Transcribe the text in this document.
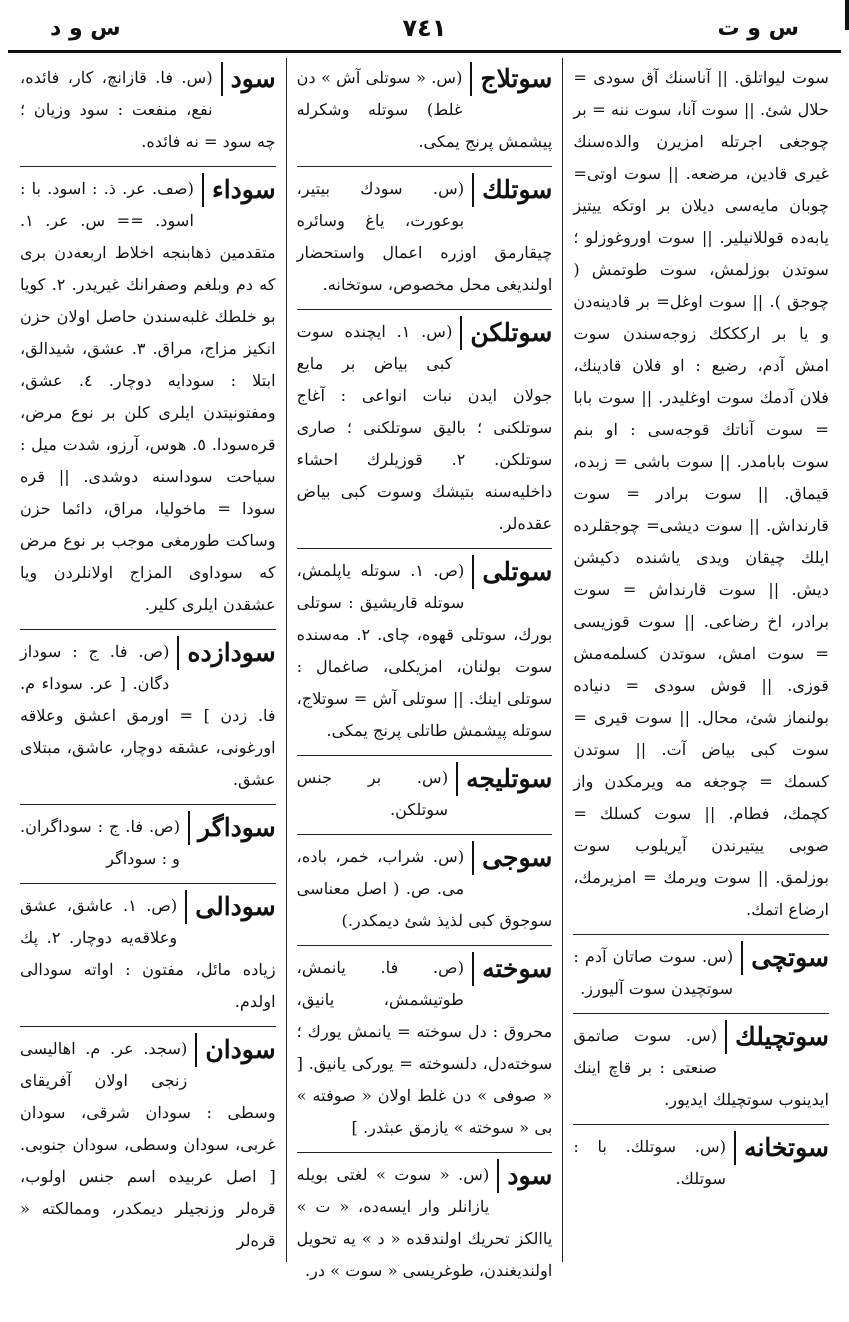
س و د	٧٤١	س و ت
سوت ليواتلق. || آناسنك آق سودى = حلال شئ. || سوت آنا، سوت ننه = بر چوجغى اجرتله امزيرن والدەسنك غيرى قادين، مرضعه. || سوت اوتى= چوبان مايەسى ديلان بر اوتكه ييتيز يابەدە قوللانيلير. || سوت اوروغوزلو ؛ سوتدن بوزلمش، سوت طوتمش ( چوجق ). || سوت اوغل= بر قادينەدن و يا بر اركككك زوجەسندن سوت امش آدم، رضيع : او فلان قادينك، فلان آدمك سوت اوغليدر. || سوت بابا = سوت آناتك قوجەسى : او بنم سوت بابامدر. || سوت باشى = زبدە، قيماق. || سوت برادر = سوت قارنداش. || سوت ديشى= چوجقلرده ايلك چيقان ويدى ياشندە دكيشن ديش. || سوت قارنداش = سوت برادر، اخ رضاعى. || سوت قوزيسى = سوت امش، سوتدن كسلمەمش قوزى. || قوش سودى = دنياده بولنماز شئ، محال. || سوت قيرى = سوت كبى بياض آت. || سوتدن كسمك = چوجغه مه ويرمكدن واز كچمك، فطام. || سوت كسلك = صوبى ييتيرندن آيريلوب سوت بوزلمق. || سوت ويرمك = امزيرمك، ارضاع اتمك.
سوتچى
(س. سوت صاتان آدم : سوتچيدن سوت آليورز.
سوتچيلك
(س. سوت صاتمق صنعتى : بر قاچ اينك ايدينوب سوتچيلك ايديور.
سوتخانه
(س. سوتلك. با : سوتلك.
سوتلاج
(س. « سوتلى آش » دن غلط) سوتله وشكرله پيشمش پرنج يمكى.
سوتلك
(س. سودك بيتير، بوعورت، ياغ وسائره چيقارمق اوزره اعمال واستحضار اولنديغى محل مخصوص، سوتخانه.
سوتلكن
(س. ١. ايچنده سوت كبى بياض بر مايع جولان ايدن نبات انواعى : آغاج سوتلكنى ؛ باليق سوتلكنى ؛ صارى سوتلكن. ٢. قوزيلرك احشاء داخليەسنە بتيشك وسوت كبى بياض عقدەلر.
سوتلى
(ص. ١. سوتله ياپلمش، سوتله قاريشيق : سوتلى بورك، سوتلى قهوه، چاى. ٢. مەسندە سوت بولنان، امزيكلى، صاغمال : سوتلى اينك. || سوتلى آش = سوتلاج، سوتله پيشمش طاتلى پرنج يمكى.
سوتليجه
(س. بر جنس سوتلكن.
سوجى
(س. شراب، خمر، باده، مى. ص. ( اصل معناسى سوجوق كبى لذيذ شئ ديمكدر.)
سوخته
(ص. فا. يانمش، طوتيشمش، يانيق، محروق : دل سوخته = يانمش يورك ؛ سوختەدل، دلسوخته = يوركى يانيق. [ « صوفى » دن غلط اولان « صوفته » بى « سوخته » يازمق عبثدر. ]
سود
(س. « سوت » لغتى بويله يازانلر وار ايسەده، « ت » ياالكز تحريك اولندقده « د » يه تحويل اولنديغندن، طوغريسى « سوت » در.
سود
(س. فا. قازانچ، كار، فائده، نفع، منفعت : سود وزيان ؛ چه سود = نه فائده.
سوداء
(صڡ. عر. ذ. : اسود. با : اسود. == س. عر. ١. متقدمين ذهابنجه اخلاط اربعەدن برى كه دم وبلغم وصفرانك غيريدر. ٢. كويا بو خلطك غلبەسندن حاصل اولان حزن انكيز مزاج، مراق. ٣. عشق، شيدالق، ابتلا : سودايه دوچار. ٤. عشق، ومفتونيتدن ايلرى كلن بر نوع مرض، قرەسودا. ٥. هوس، آرزو، شدت ميل : سياحت سوداسنه دوشدى. || قره سودا = ماخوليا، مراق، دائما حزن وساكت طورمغى موجب بر نوع مرض كه سوداوى المزاج اولانلردن ويا عشقدن ايلرى كلير.
سودازده
(ص. فا. ج : سوداز دگان. [ عر. سوداء م. فا. زدن ] = اورمق اعشق وعلاقه اورغونى، عشقه دوچار، عاشق، مبتلاى عشق.
سوداگر
(ص. فا. ج : سوداگران. و : سوداگر
سودالى
(ص. ١. عاشق، عشق وعلاقەيه دوچار. ٢. پك زياده مائل، مفتون : اواته سودالى اولدم.
سودان
(سجد. عر. م. اهاليسى زنجى اولان آفريقاى وسطى : سودان شرقى، سودان غربى، سودان وسطى، سودان جنوبى. [ اصل عربيدە اسم جنس اولوب، قرەلر وزنجيلر ديمكدر، وممالكته « قرەلر
